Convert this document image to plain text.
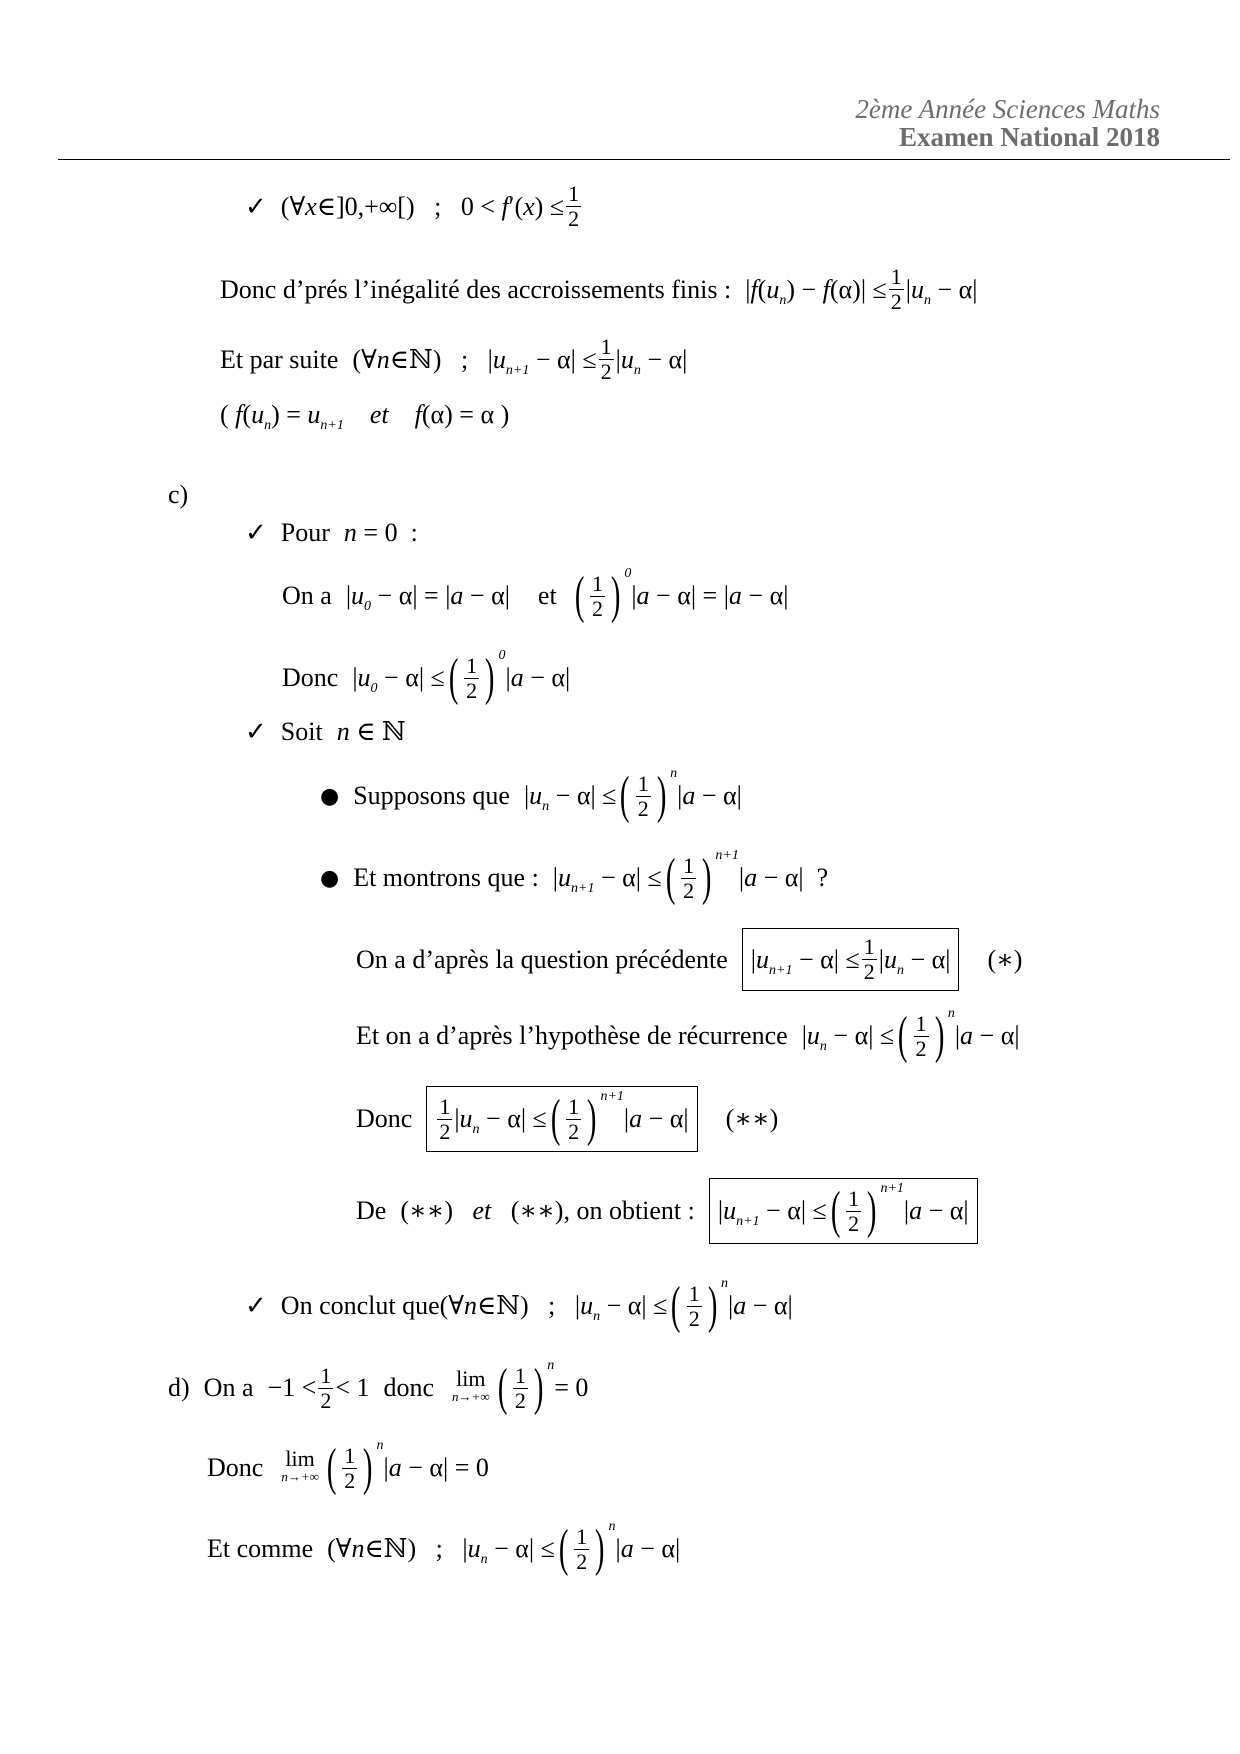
2ème Année Sciences Maths
Examen National 2018
✓ (∀x∈]0,+∞[)   ;   $0 < f'(x) \le \frac{1}{2}$
Donc d’prés l’inégalité des accroissements finis : $|f(u_n) - f(\alpha)| \le \frac{1}{2} |u_n - \alpha|$
Et par suite (∀n∈ℕ)   ;   $|u_{n+1} - \alpha| \le \frac{1}{2} |u_n - \alpha|$
( $f(u_n) = u_{n+1}$ et f(α) = α )
c)
✓ Pour n = 0  :
On a $|u_0 - \alpha| = |a - \alpha|$ et ( $\frac{1}{2}$ ) 0
|a − α| = |a − α|
Donc $|u_0 - \alpha|$ ≤ ( $\frac{1}{2}$ ) 0
|a − α|
✓ Soit n ∈ ℕ
● Supposons que $|u_n - \alpha|$ ≤ ( $\frac{1}{2}$ ) n
|a − α|
● Et montrons que : $|u_{n+1} - \alpha|$ ≤ ( $\frac{1}{2}$ ) n+1
|a − α| ?
On a d’après la question précédente $|u_{n+1} - \alpha| \le \frac{1}{2} |u_n - \alpha|$ (∗)
Et on a d’après l’hypothèse de récurrence $|u_n - \alpha|$ ≤ ( $\frac{1}{2}$ ) n
|a − α|
Donc $\frac{1}{2} |u_n - \alpha|$ ≤ ( $\frac{1}{2}$ ) n+1
|a − α| (∗∗)
De (∗∗)   et   (∗∗) , on obtient : $|u_{n+1} - \alpha|$ ≤ ( $\frac{1}{2}$ ) n+1
|a − α|
✓ On conclut que (∀n∈ℕ)   ;   $|u_n - \alpha|$ ≤ ( $\frac{1}{2}$ ) n
|a − α|
d) On $a -1 < \frac{1}{2} < 1$ donc lim
n→+∞ ( $\frac{1}{2}$ ) n
= 0
Donc lim
n→+∞ ( $\frac{1}{2}$ ) n
|a − α| = 0
Et comme (∀n∈ℕ)   ;   $|u_n - \alpha|$ ≤ ( $\frac{1}{2}$ ) n
|a − α|
